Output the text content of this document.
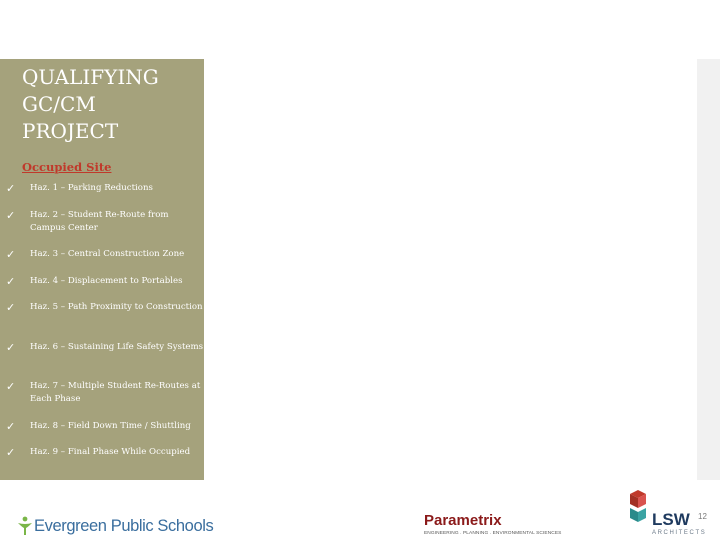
QUALIFYING
GC/CM
PROJECT
Occupied Site
✓ Haz. 1 – Parking Reductions
✓ Haz. 2 – Student Re-Route from Campus Center
✓ Haz. 3 – Central Construction Zone
✓ Haz. 4 – Displacement to Portables
✓ Haz. 5 – Path Proximity to Construction
✓ Haz. 6 – Sustaining Life Safety Systems
✓ Haz. 7 – Multiple Student Re-Routes at Each Phase
✓ Haz. 8 – Field Down Time / Shuttling
✓ Haz. 9 – Final Phase While Occupied
Evergreen Public Schools	Parametrix
ENGINEERING . PLANNING . ENVIRONMENTAL SCIENCES
LSW
ARCHITECTS
12
